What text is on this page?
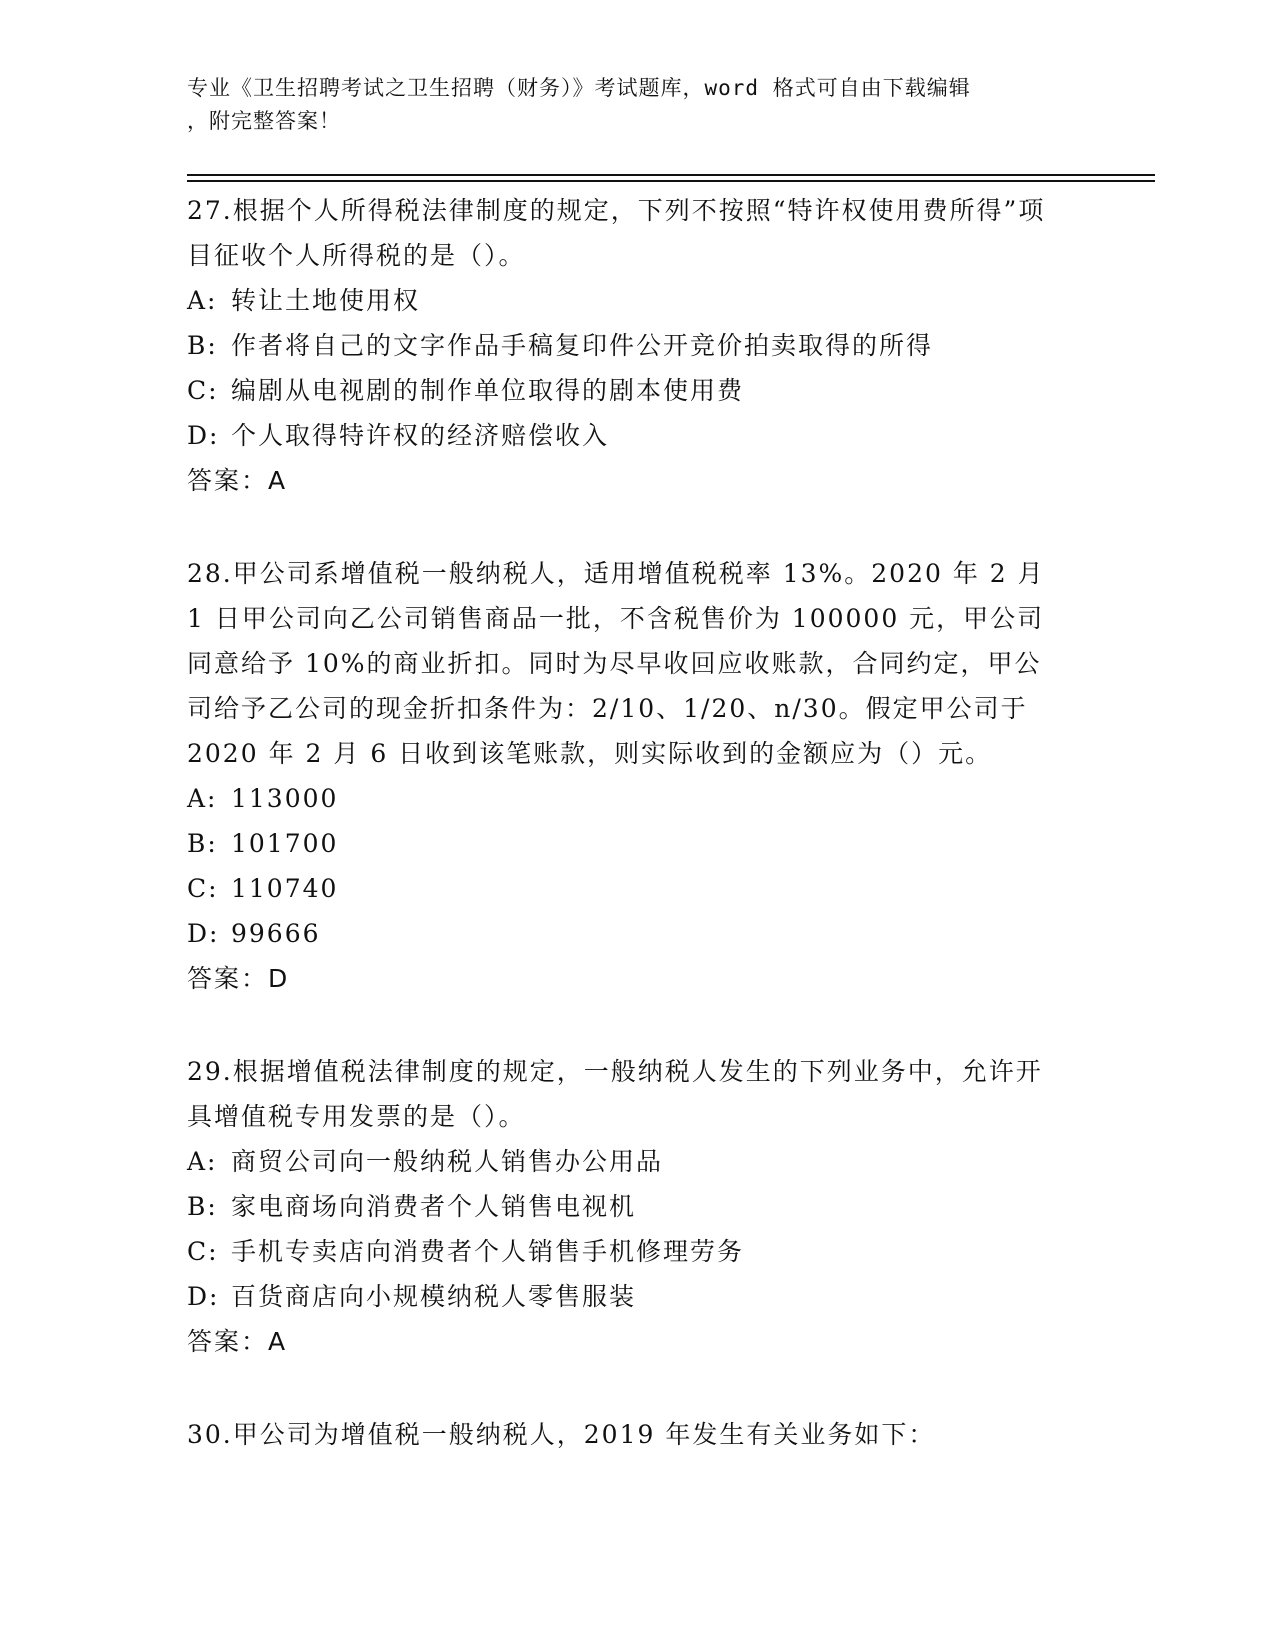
专业《卫生招聘考试之卫生招聘（财务）》考试题库，word 格式可自由下载编辑
，附完整答案！

27.根据个人所得税法律制度的规定，下列不按照“特许权使用费所得”项目征收个人所得税的是（）。

A: 转让土地使用权

B: 作者将自己的文字作品手稿复印件公开竞价拍卖取得的所得

C: 编剧从电视剧的制作单位取得的剧本使用费

D: 个人取得特许权的经济赔偿收入

答案：A

28.甲公司系增值税一般纳税人，适用增值税税率 13%。2020 年 2 月 1 日甲公司向乙公司销售商品一批，不含税售价为 100000 元，甲公司同意给予 10%的商业折扣。同时为尽早收回应收账款，合同约定，甲公司给予乙公司的现金折扣条件为：2/10、1/20、n/30。假定甲公司于 2020 年 2 月 6 日收到该笔账款，则实际收到的金额应为（）元。

A: 113000

B: 101700

C: 110740

D: 99666

答案：D

29.根据增值税法律制度的规定，一般纳税人发生的下列业务中，允许开具增值税专用发票的是（）。

A: 商贸公司向一般纳税人销售办公用品

B: 家电商场向消费者个人销售电视机

C: 手机专卖店向消费者个人销售手机修理劳务

D: 百货商店向小规模纳税人零售服装

答案：A

30.甲公司为增值税一般纳税人，2019 年发生有关业务如下：
